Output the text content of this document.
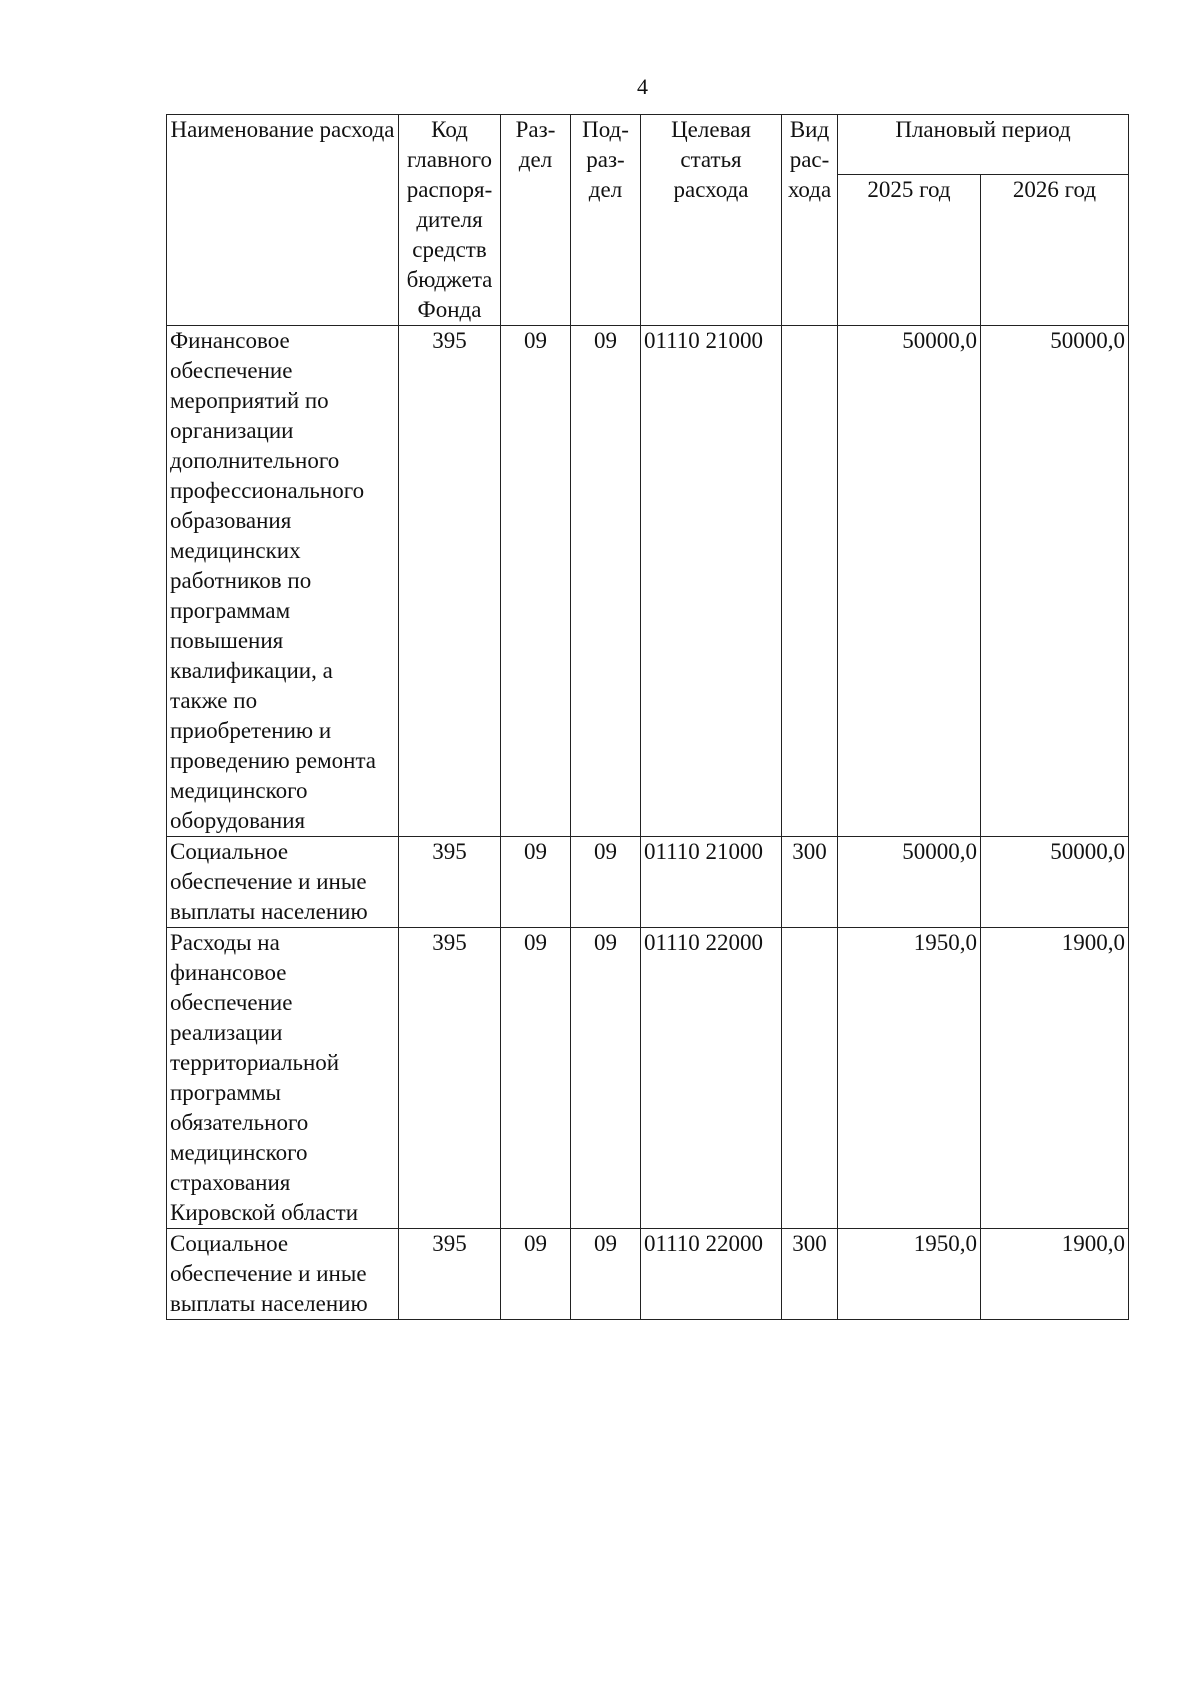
4
Наименование расхода	Код главного распоря- дителя средств бюджета Фонда	Раз- дел	Под- раз- дел	Целевая статья расхода	Вид рас- хода	Плановый период	
						2025 год	2026 год
Финансовое обеспечение мероприятий по организации дополнительного профессионального образования медицинских работников по программам повышения квалификации, а также по приобретению и проведению ремонта медицинского оборудования	395	09	09	01110 21000		50000,0	50000,0
Социальное обеспечение и иные выплаты населению	395	09	09	01110 21000	300	50000,0	50000,0
Расходы на финансовое обеспечение реализации территориальной программы обязательного медицинского страхования Кировской области	395	09	09	01110 22000		1950,0	1900,0
Социальное обеспечение и иные выплаты населению	395	09	09	01110 22000	300	1950,0	1900,0
